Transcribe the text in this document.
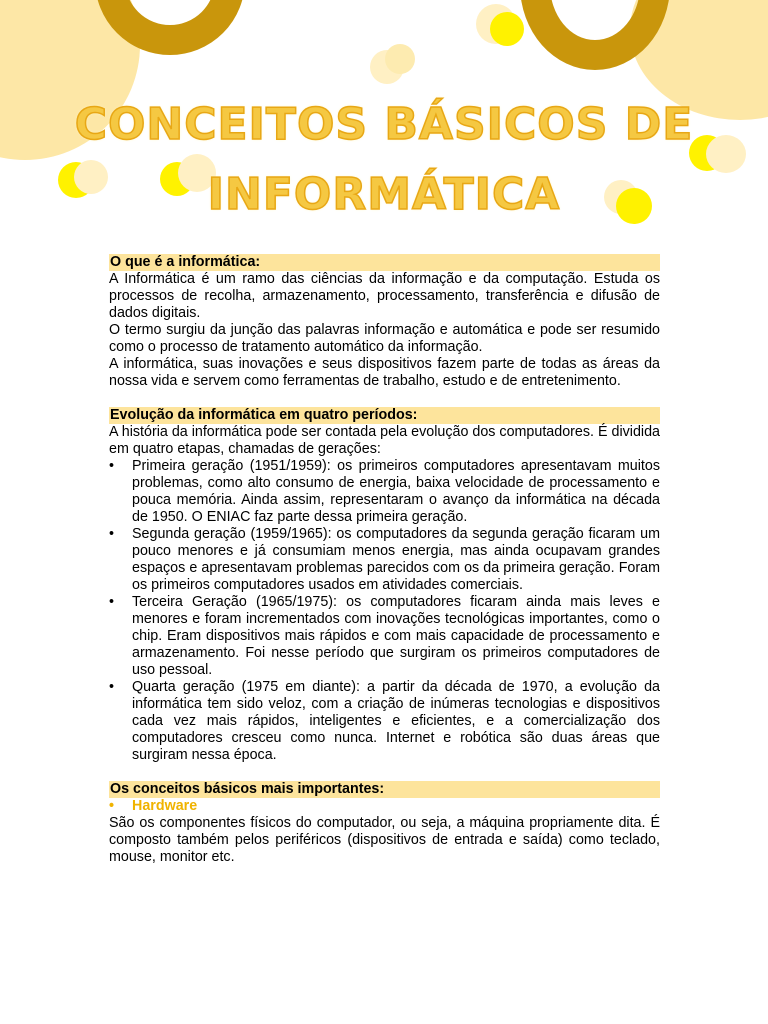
CONCEITOS BÁSICOS DE
INFORMÁTICA
O que é a informática:

A Informática é um ramo das ciências da informação e da computação. Estuda os processos de recolha, armazenamento, processamento, transferência e difusão de dados digitais.

O termo surgiu da junção das palavras informação e automática e pode ser resumido como o processo de tratamento automático da informação.

A informática, suas inovações e seus dispositivos fazem parte de todas as áreas da nossa vida e servem como ferramentas de trabalho, estudo e de entretenimento.

Evolução da informática em quatro períodos:

A história da informática pode ser contada pela evolução dos computadores. É dividida em quatro etapas, chamadas de gerações:

• Primeira geração (1951/1959): os primeiros computadores apresentavam muitos problemas, como alto consumo de energia, baixa velocidade de processamento e pouca memória. Ainda assim, representaram o avanço da informática na década de 1950. O ENIAC faz parte dessa primeira geração.
• Segunda geração (1959/1965): os computadores da segunda geração ficaram um pouco menores e já consumiam menos energia, mas ainda ocupavam grandes espaços e apresentavam problemas parecidos com os da primeira geração. Foram os primeiros computadores usados em atividades comerciais.
• Terceira Geração (1965/1975): os computadores ficaram ainda mais leves e menores e foram incrementados com inovações tecnológicas importantes, como o chip. Eram dispositivos mais rápidos e com mais capacidade de processamento e armazenamento. Foi nesse período que surgiram os primeiros computadores de uso pessoal.
• Quarta geração (1975 em diante): a partir da década de 1970, a evolução da informática tem sido veloz, com a criação de inúmeras tecnologias e dispositivos cada vez mais rápidos, inteligentes e eficientes, e a comercialização dos computadores cresceu como nunca. Internet e robótica são duas áreas que surgiram nessa época.
Os conceitos básicos mais importantes:
• Hardware

São os componentes físicos do computador, ou seja, a máquina propriamente dita. É composto também pelos periféricos (dispositivos de entrada e saída) como teclado, mouse, monitor etc.
